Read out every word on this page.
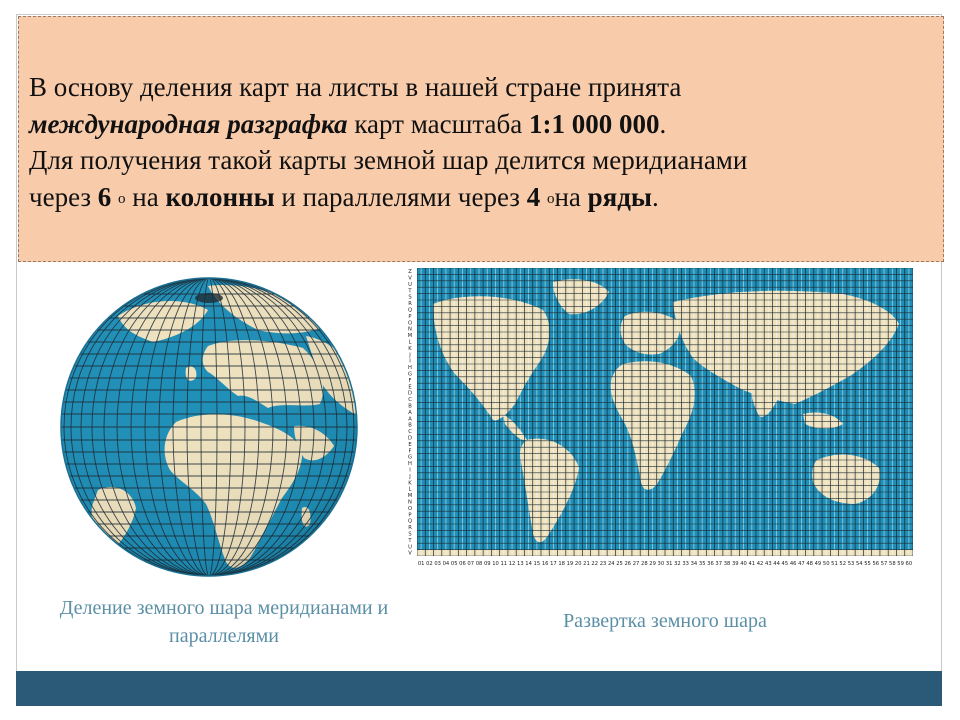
В основу деления карт на листы в нашей стране принята
международная разграфка карт масштаба 1:1 000 000.
Для получения такой карты земной шар делится меридианами
через 6 $^о$ на колонны и параллелями через 4 $^о$на ряды.

Z
V
U
T
S
R
Q
P
O
N
M
L
K
J
I
H
G
F
E
D
C
B
A
A
B
C
D
E
F
G
H
I
J
K
L
M
N
O
P
Q
R
S
T
U
V
01 02 03 04 05 06 07 08 09 10 11 12 13 14 15 16 17 18 19 20 21 22 23 24 25 26 27 28 29 30 31 32 33 34 35 36 37 38 39 40 41 42 43 44 45 46 47 48 49 50 51 52 53 54 55 56 57 58 59 60
Деление земного шара меридианами и параллелями
Развертка земного шара
